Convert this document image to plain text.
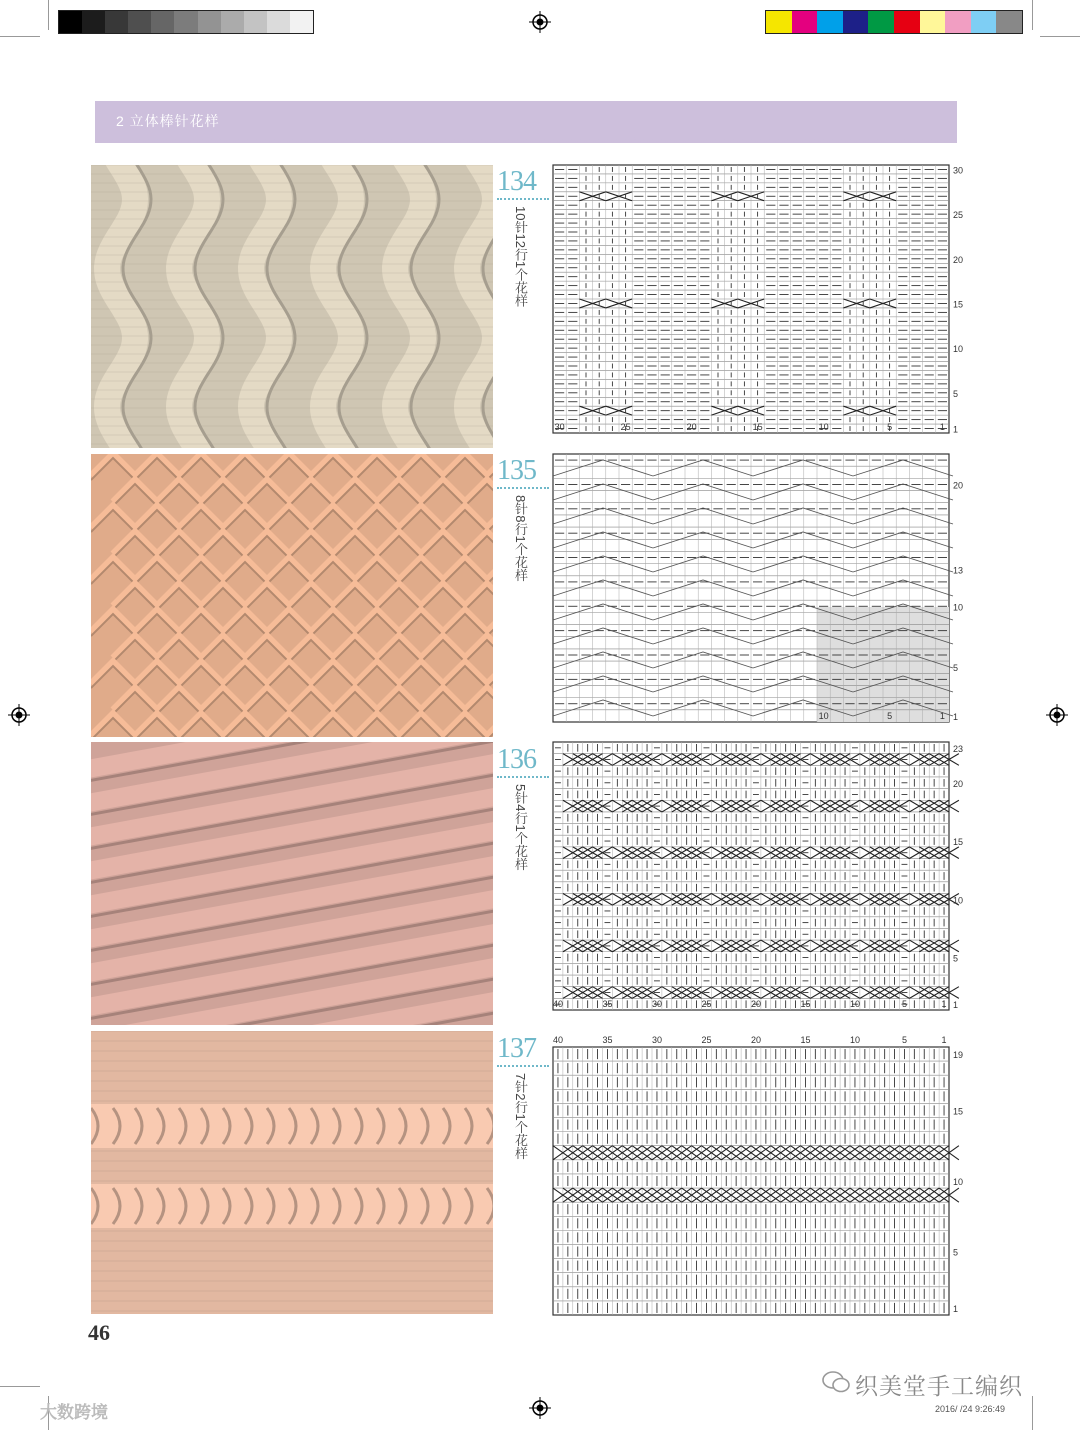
2 立体棒针花样
134
10针12行1个花样
135
8针8行1个花样
136
5针4行1个花样
137
7针2行1个花样
30
25
20
15
10
5
1
30	25	20	15	10	5	1
20
13
10
5
1
10	5	1
23
20
15
10
5
1
40	35	30	25	20	15	10	5	1
1
5
10
15
19
40	35	30	25	20	15	10	5	1
46
大数跨境
织美堂手工编织
2016/ /24 9:26:49
